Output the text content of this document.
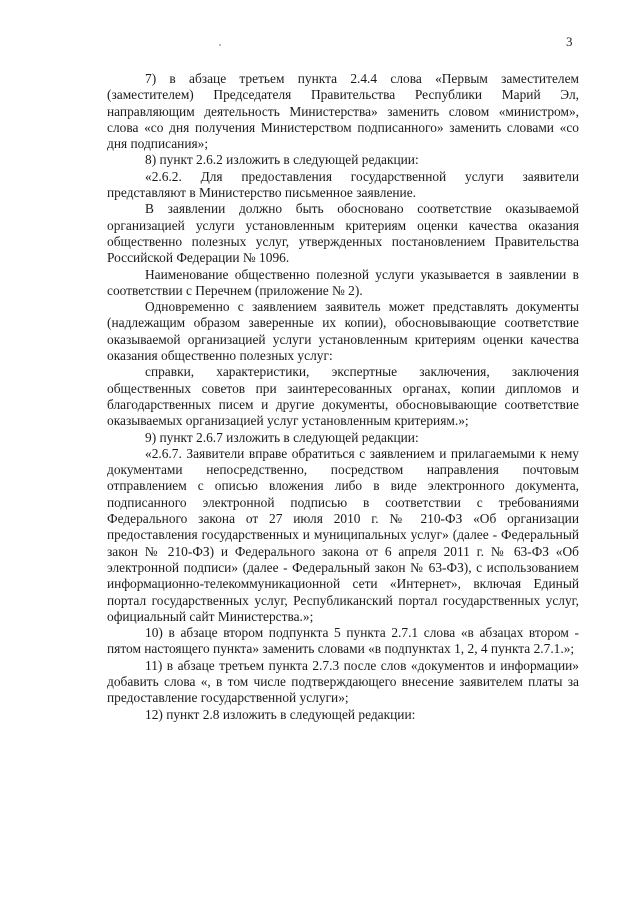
3

7) в абзаце третьем пункта 2.4.4 слова «Первым заместителем (заместителем) Председателя Правительства Республики Марий Эл, направляющим деятельность Министерства» заменить словом «министром», слова «со дня получения Министерством подписанного» заменить словами «со дня подписания»;

8) пункт 2.6.2 изложить в следующей редакции:

«2.6.2. Для предоставления государственной услуги заявители представляют в Министерство письменное заявление.

В заявлении должно быть обосновано соответствие оказываемой организацией услуги установленным критериям оценки качества оказания общественно полезных услуг, утвержденных постановлением Правительства Российской Федерации № 1096.

Наименование общественно полезной услуги указывается в заявлении в соответствии с Перечнем (приложение № 2).

Одновременно с заявлением заявитель может представлять документы (надлежащим образом заверенные их копии), обосновывающие соответствие оказываемой организацией услуги установленным критериям оценки качества оказания общественно полезных услуг:

справки, характеристики, экспертные заключения, заключения общественных советов при заинтересованных органах, копии дипломов и благодарственных писем и другие документы, обосновывающие соответствие оказываемых организацией услуг установленным критериям.»;

9) пункт 2.6.7 изложить в следующей редакции:

«2.6.7. Заявители вправе обратиться с заявлением и прилагаемыми к нему документами непосредственно, посредством направления почтовым отправлением с описью вложения либо в виде электронного документа, подписанного электронной подписью в соответствии с требованиями Федерального закона от 27 июля 2010 г. № 210-ФЗ «Об организации предоставления государственных и муниципальных услуг» (далее - Федеральный закон № 210-ФЗ) и Федерального закона от 6 апреля 2011 г. № 63-ФЗ «Об электронной подписи» (далее - Федеральный закон № 63-ФЗ), с использованием информационно-телекоммуникационной сети «Интернет», включая Единый портал государственных услуг, Республиканский портал государственных услуг, официальный сайт Министерства.»;

10) в абзаце втором подпункта 5 пункта 2.7.1 слова «в абзацах втором - пятом настоящего пункта» заменить словами «в подпунктах 1, 2, 4 пункта 2.7.1.»;

11) в абзаце третьем пункта 2.7.3 после слов «документов и информации» добавить слова «, в том числе подтверждающего внесение заявителем платы за предоставление государственной услуги»;

12) пункт 2.8 изложить в следующей редакции:
